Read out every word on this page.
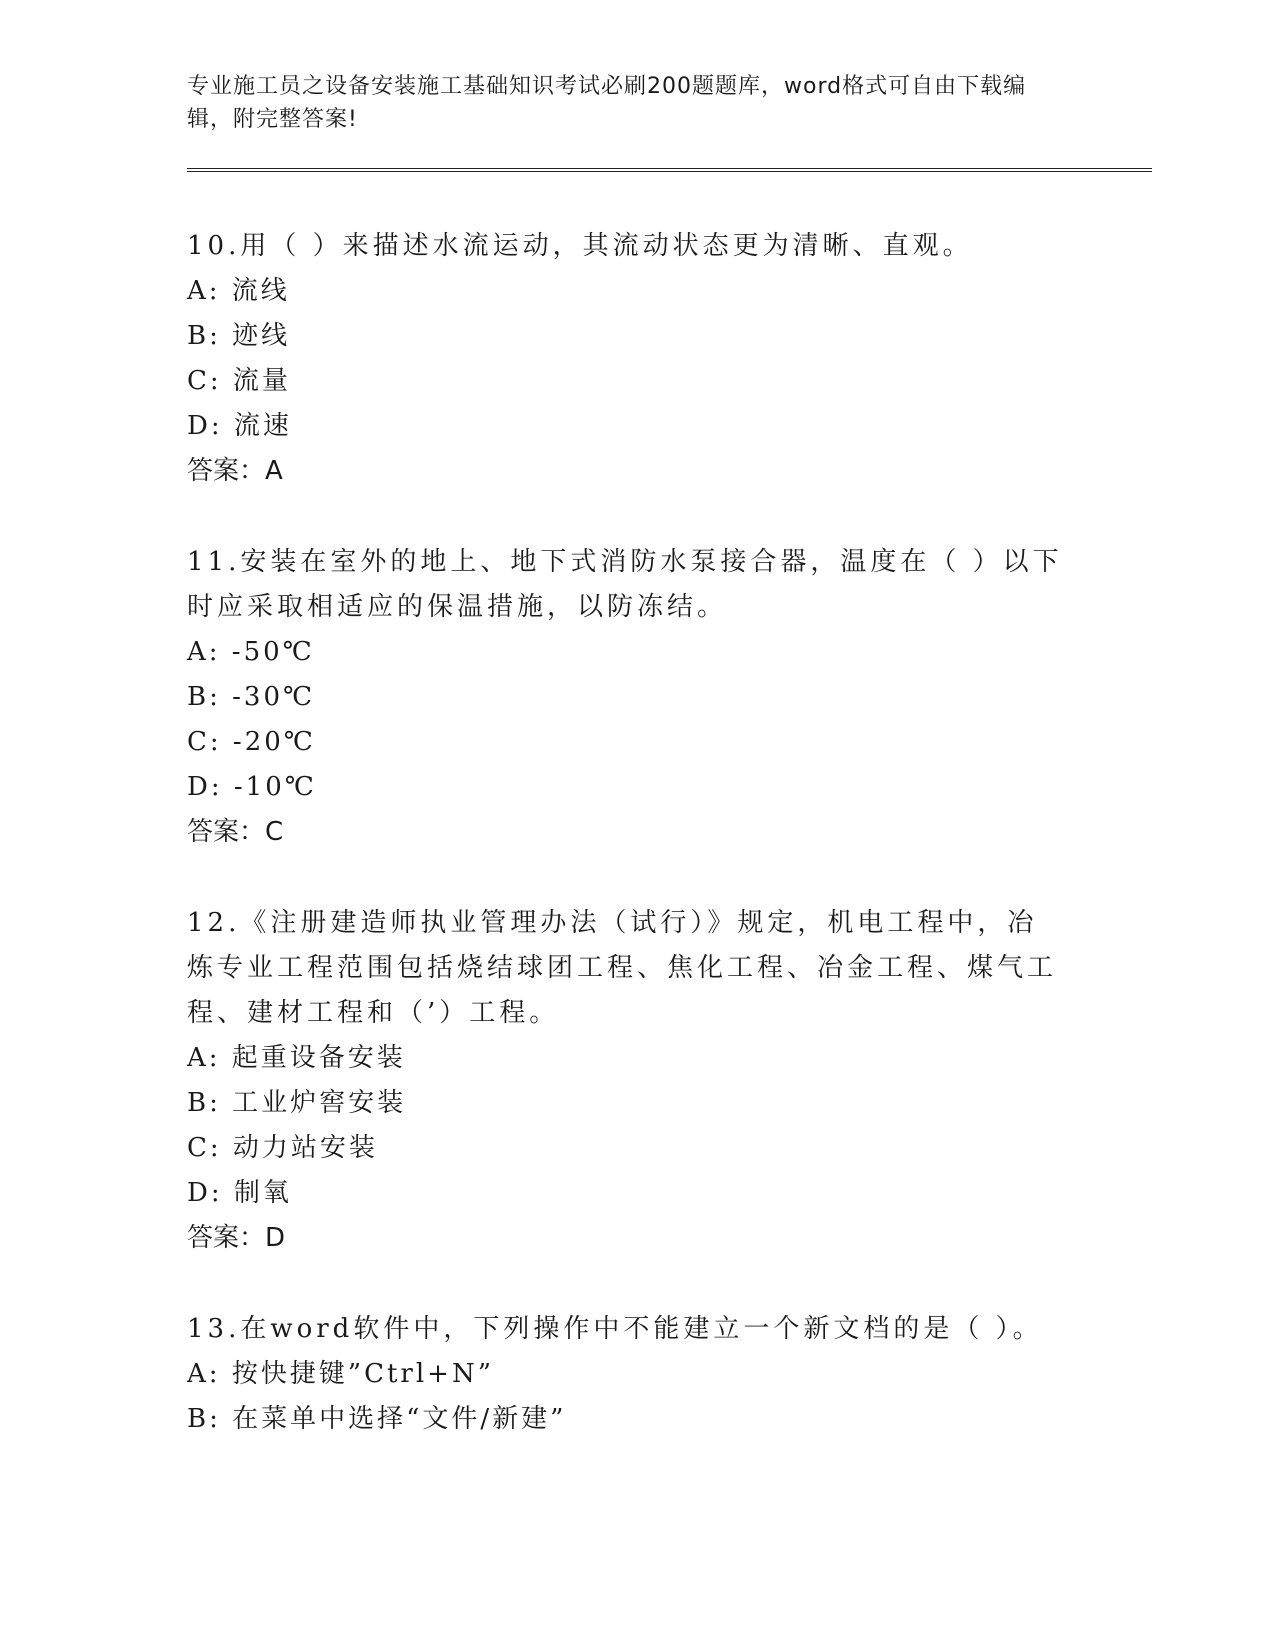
专业施工员之设备安装施工基础知识考试必刷200题题库，word格式可自由下载编辑，附完整答案!

10.用（ ）来描述水流运动，其流动状态更为清晰、直观。

A: 流线

B: 迹线

C: 流量

D: 流速

答案：A

11.安装在室外的地上、地下式消防水泵接合器，温度在（ ）以下时应采取相适应的保温措施，以防冻结。

A: -50℃

B: -30℃

C: -20℃

D: -10℃

答案：C

12.《注册建造师执业管理办法（试行）》规定，机电工程中，冶炼专业工程范围包括烧结球团工程、焦化工程、冶金工程、煤气工程、建材工程和（’）工程。

A: 起重设备安装

B: 工业炉窖安装

C: 动力站安装

D: 制氧

答案：D

13.在word软件中，下列操作中不能建立一个新文档的是（ ）。

A: 按快捷键”Ctrl+N”

B: 在菜单中选择“文件/新建”
